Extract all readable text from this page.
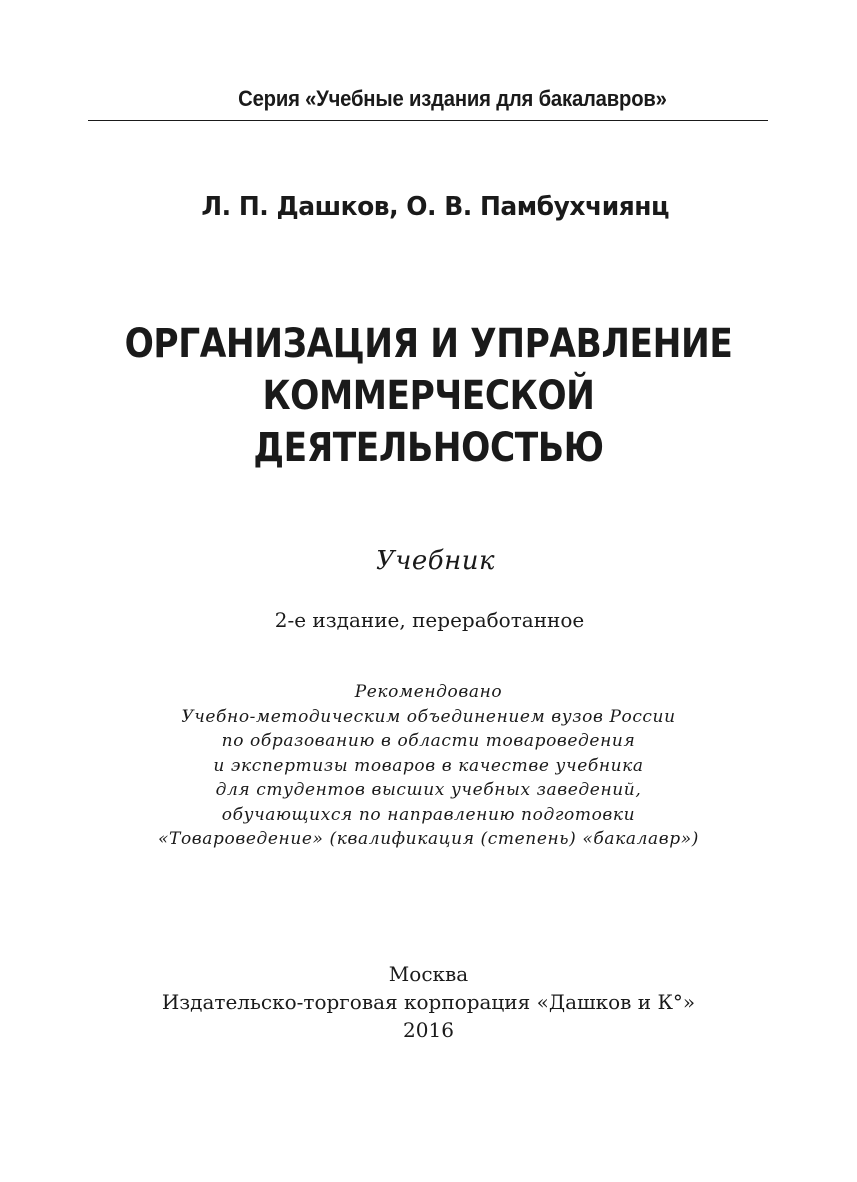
Серия «Учебные издания для бакалавров»
Л. П. Дашков, О. В. Памбухчиянц
ОРГАНИЗАЦИЯ И УПРАВЛЕНИЕ
КОММЕРЧЕСКОЙ
ДЕЯТЕЛЬНОСТЬЮ
Учебник
2-е издание, переработанное
Рекомендовано
Учебно-методическим объединением вузов России
по образованию в области товароведения
и экспертизы товаров в качестве учебника
для студентов высших учебных заведений,
обучающихся по направлению подготовки
«Товароведение» (квалификация (степень) «бакалавр»)
Москва
Издательско-торговая корпорация «Дашков и К°»
2016
